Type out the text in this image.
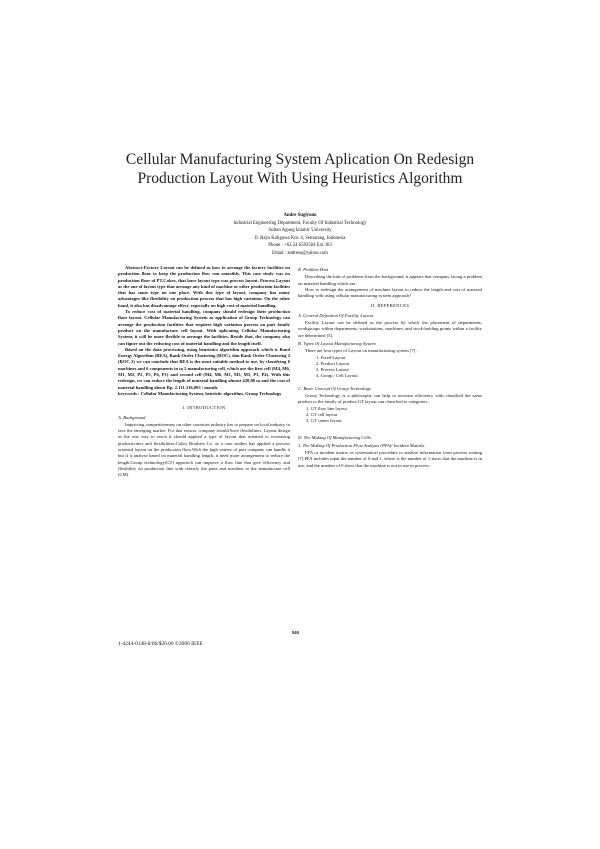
Cellular Manufacturing System Aplication On Redesign Production Layout With Using Heuristics Algorithm
Andre Sugiyono
Industrial Engineering Department, Faculty Of Industrial Technology
Sultan Agung Islamic University
Jl. Raya Kaligawe Km. 4, Semarang, Indonesia
Phone : +62 24 6583584 Ext 363
Email : andresu@yahoo.com

Abstract-Factory Layout can be defined as how to arrange the factory facilities on production floor to keep the production flow run smoothly. This case study was on production floor of PT.Cokro, that have layout type was process layout. Process Layout as the one of layout type that arrange any kind of machine or other production facilities that has same type on one place. With this type of layout, company has many advantages like flexibility on production process that has high variation. On the other hand, it also has disadvantage effect, especially on high cost of material handling.

To reduce cost of material handling, company should redesign their production floor layout. Cellular Manufacturing System as application of Group Technology can arrange the production facilities that requires high variation process on part family product on the manufacture cell layout. With aplicating Cellular Manufacturing System, it will be more flexible to arrange the facilities. Beside that, the company also can figure out the reducing cost of material handling and the length itself.

Based on the data processing, using heuristics algorithm approach which is Bond Energy Algorithm (BEA), Rank Order Clustering (ROC), dan Rank Order Clustering 2 (ROC 2) we can conclude that BEA is the most suitable method to use, by classifying 6 machines and 6 components in to 2 manufacturing cell, which are the first cell (M4, M6, M1, M2, P2, P5, P6, P1) and second cell (M4, M6, M1, M3, M5, P3, P4). With this redesign, we can reduce the length of material handling almost 428,06 m and the cost of material handling about Rp. 2.111.316,003 / month.

keywords : Cellular Manufacturing System, heuristic algorithm, Group Technology

I. INTRODUCTION
A. Background

Improving competitiveness on other countries industry has to prepare on local industry to face the emerging market. For that reason, company should have flexibilities. Layout design as the one way to reach it should applied a type of layout that oriented to increasing productivities and flexibilities.Cokro Brothers Co. as a case studies has applied a process oriented layout on the production floor.With the high variety of part company can handle it but if it analyse based on material handling length, it need more arrangement to reduce the length.Group technology(GT) approach can improve a flow line that give efficiency and flexibility on production line with classify the parts and machine to the manufacture cell (CM).

B. Problem Hint

Describing the hint of problems from the background, it appears that company facing a problem on material handling which are :

How to redesign the arrangement of machine layout to reduce the length and cost of material handling with using cellular manufacturing system approach?

II. REFERENCES
A. General Definition Of Facility Layout

Facility Layout can be defined as the process by which the placement of departments, workgroups within departments, workstations, machines, and stock-holding points within a facility are determined [5].

B. Types Of Layout Manufacturing System

There are four types of Layout on manufacturing system [7] :

1. Fixed Layout
2. Product Layout
3. Process Layout
4. Group / Cell Layout
C. Basic Concept Of Group Technology

Group Technology is a philosophy can help to increase efficiency with classified the same product to the family of product.GT layout can classified to categories :

1. GT flow line layout
2. GT cell layout
3. GT center layout
D. The Making Of Manufacturing Cells.
1. The Making Of Production Flow Analysis (PFA)/ Incident Matriks.

PFA or incident matrix as systematical procedure to analyse information from process routing [7].PFA includes input the number of 0 and 1, where is the number of 1 show that the machine is in use, and the number of 0 show that the machine is not in use in process.

940
1-4244-0148-8/06/$20.00 ©2006 IEEE
